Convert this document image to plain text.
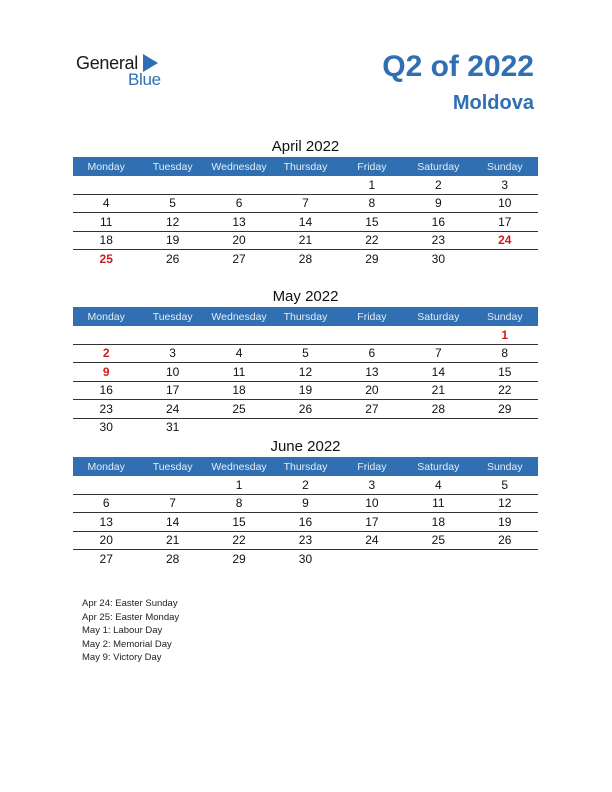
General
Blue	Q2 of 2022
Moldova
April 2022
Monday	Tuesday	Wednesday	Thursday	Friday	Saturday	Sunday
				1	2	3
4	5	6	7	8	9	10
11	12	13	14	15	16	17
18	19	20	21	22	23	24
25	26	27	28	29	30	
May 2022
Monday	Tuesday	Wednesday	Thursday	Friday	Saturday	Sunday
						1
2	3	4	5	6	7	8
9	10	11	12	13	14	15
16	17	18	19	20	21	22
23	24	25	26	27	28	29
30	31					
June 2022
Monday	Tuesday	Wednesday	Thursday	Friday	Saturday	Sunday
		1	2	3	4	5
6	7	8	9	10	11	12
13	14	15	16	17	18	19
20	21	22	23	24	25	26
27	28	29	30			
Apr 24: Easter Sunday
Apr 25: Easter Monday
May 1: Labour Day
May 2: Memorial Day
May 9: Victory Day
